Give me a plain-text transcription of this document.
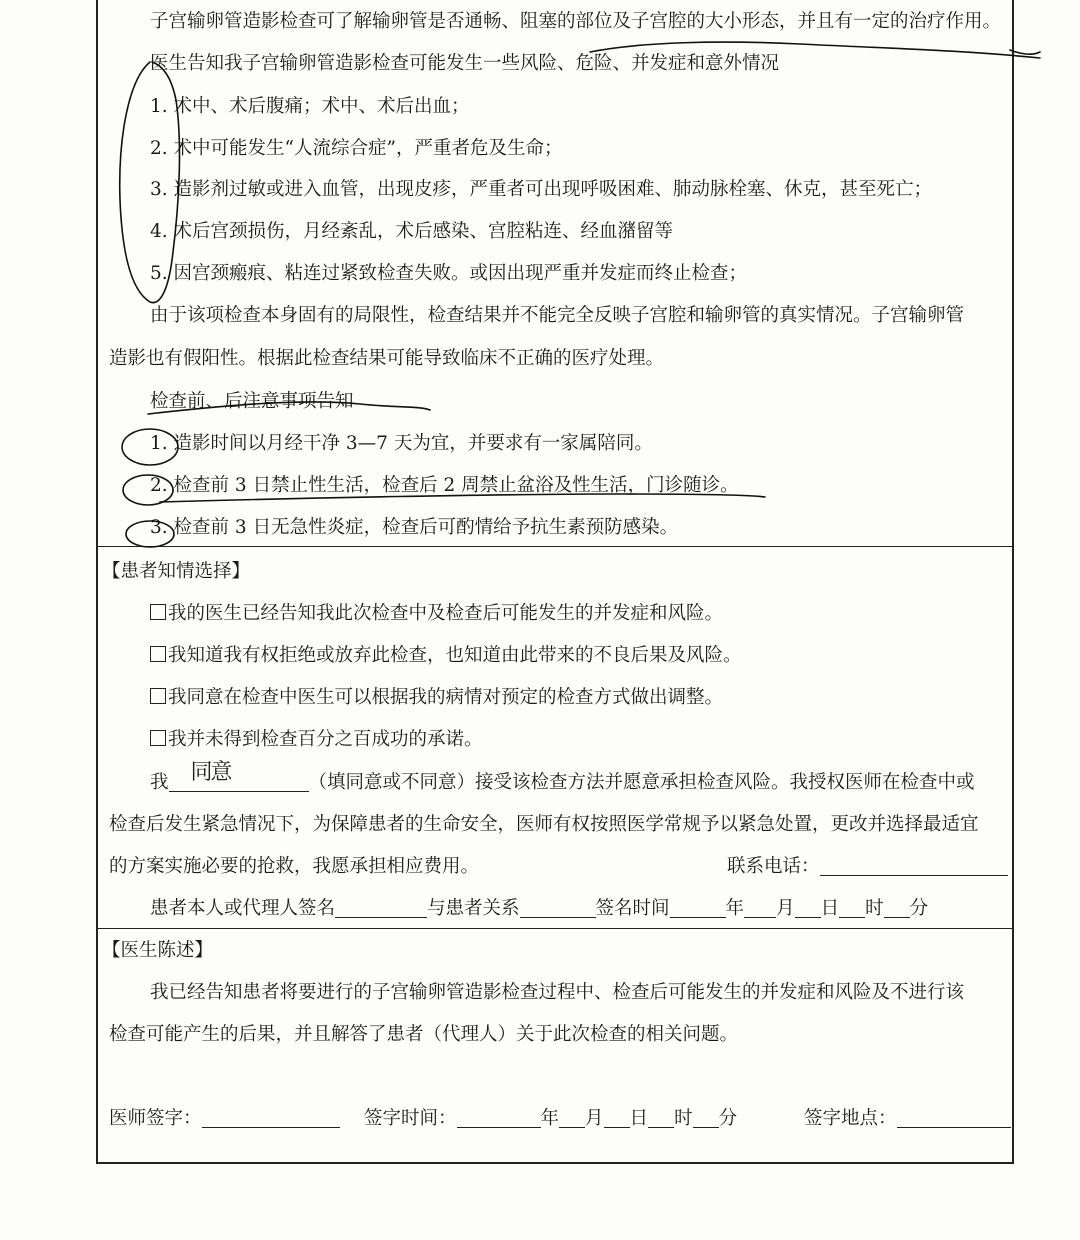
子宫输卵管造影检查可了解输卵管是否通畅、阻塞的部位及子宫腔的大小形态，并且有一定的治疗作用。
医生告知我子宫输卵管造影检查可能发生一些风险、危险、并发症和意外情况
1. 术中、术后腹痛；术中、术后出血；
2. 术中可能发生“人流综合症”，严重者危及生命；
3. 造影剂过敏或进入血管，出现皮疹，严重者可出现呼吸困难、肺动脉栓塞、休克，甚至死亡；
4. 术后宫颈损伤，月经紊乱，术后感染、宫腔粘连、经血潴留等
5. 因宫颈瘢痕、粘连过紧致检查失败。或因出现严重并发症而终止检查；
由于该项检查本身固有的局限性，检查结果并不能完全反映子宫腔和输卵管的真实情况。子宫输卵管
造影也有假阳性。根据此检查结果可能导致临床不正确的医疗处理。
检查前、后注意事项告知
1. 造影时间以月经干净 3—7 天为宜，并要求有一家属陪同。
2. 检查前 3 日禁止性生活，检查后 2 周禁止盆浴及性生活，门诊随诊。
3. 检查前 3 日无急性炎症，检查后可酌情给予抗生素预防感染。
【患者知情选择】
我的医生已经告知我此次检查中及检查后可能发生的并发症和风险。
我知道我有权拒绝或放弃此检查，也知道由此带来的不良后果及风险。
我同意在检查中医生可以根据我的病情对预定的检查方式做出调整。
我并未得到检查百分之百成功的承诺。
我 同意	（填同意或不同意）接受该检查方法并愿意承担检查风险。我授权医师在检查中或
检查后发生紧急情况下，为保障患者的生命安全，医师有权按照医学常规予以紧急处置，更改并选择最适宜
的方案实施必要的抢救，我愿承担相应费用。	联系电话：
患者本人或代理人签名	与患者关系	签名时间	年 月 日 时 分
【医生陈述】
我已经告知患者将要进行的子宫输卵管造影检查过程中、检查后可能发生的并发症和风险及不进行该
检查可能产生的后果，并且解答了患者（代理人）关于此次检查的相关问题。
医师签字：	签字时间：	年 月 日 时 分	签字地点：
